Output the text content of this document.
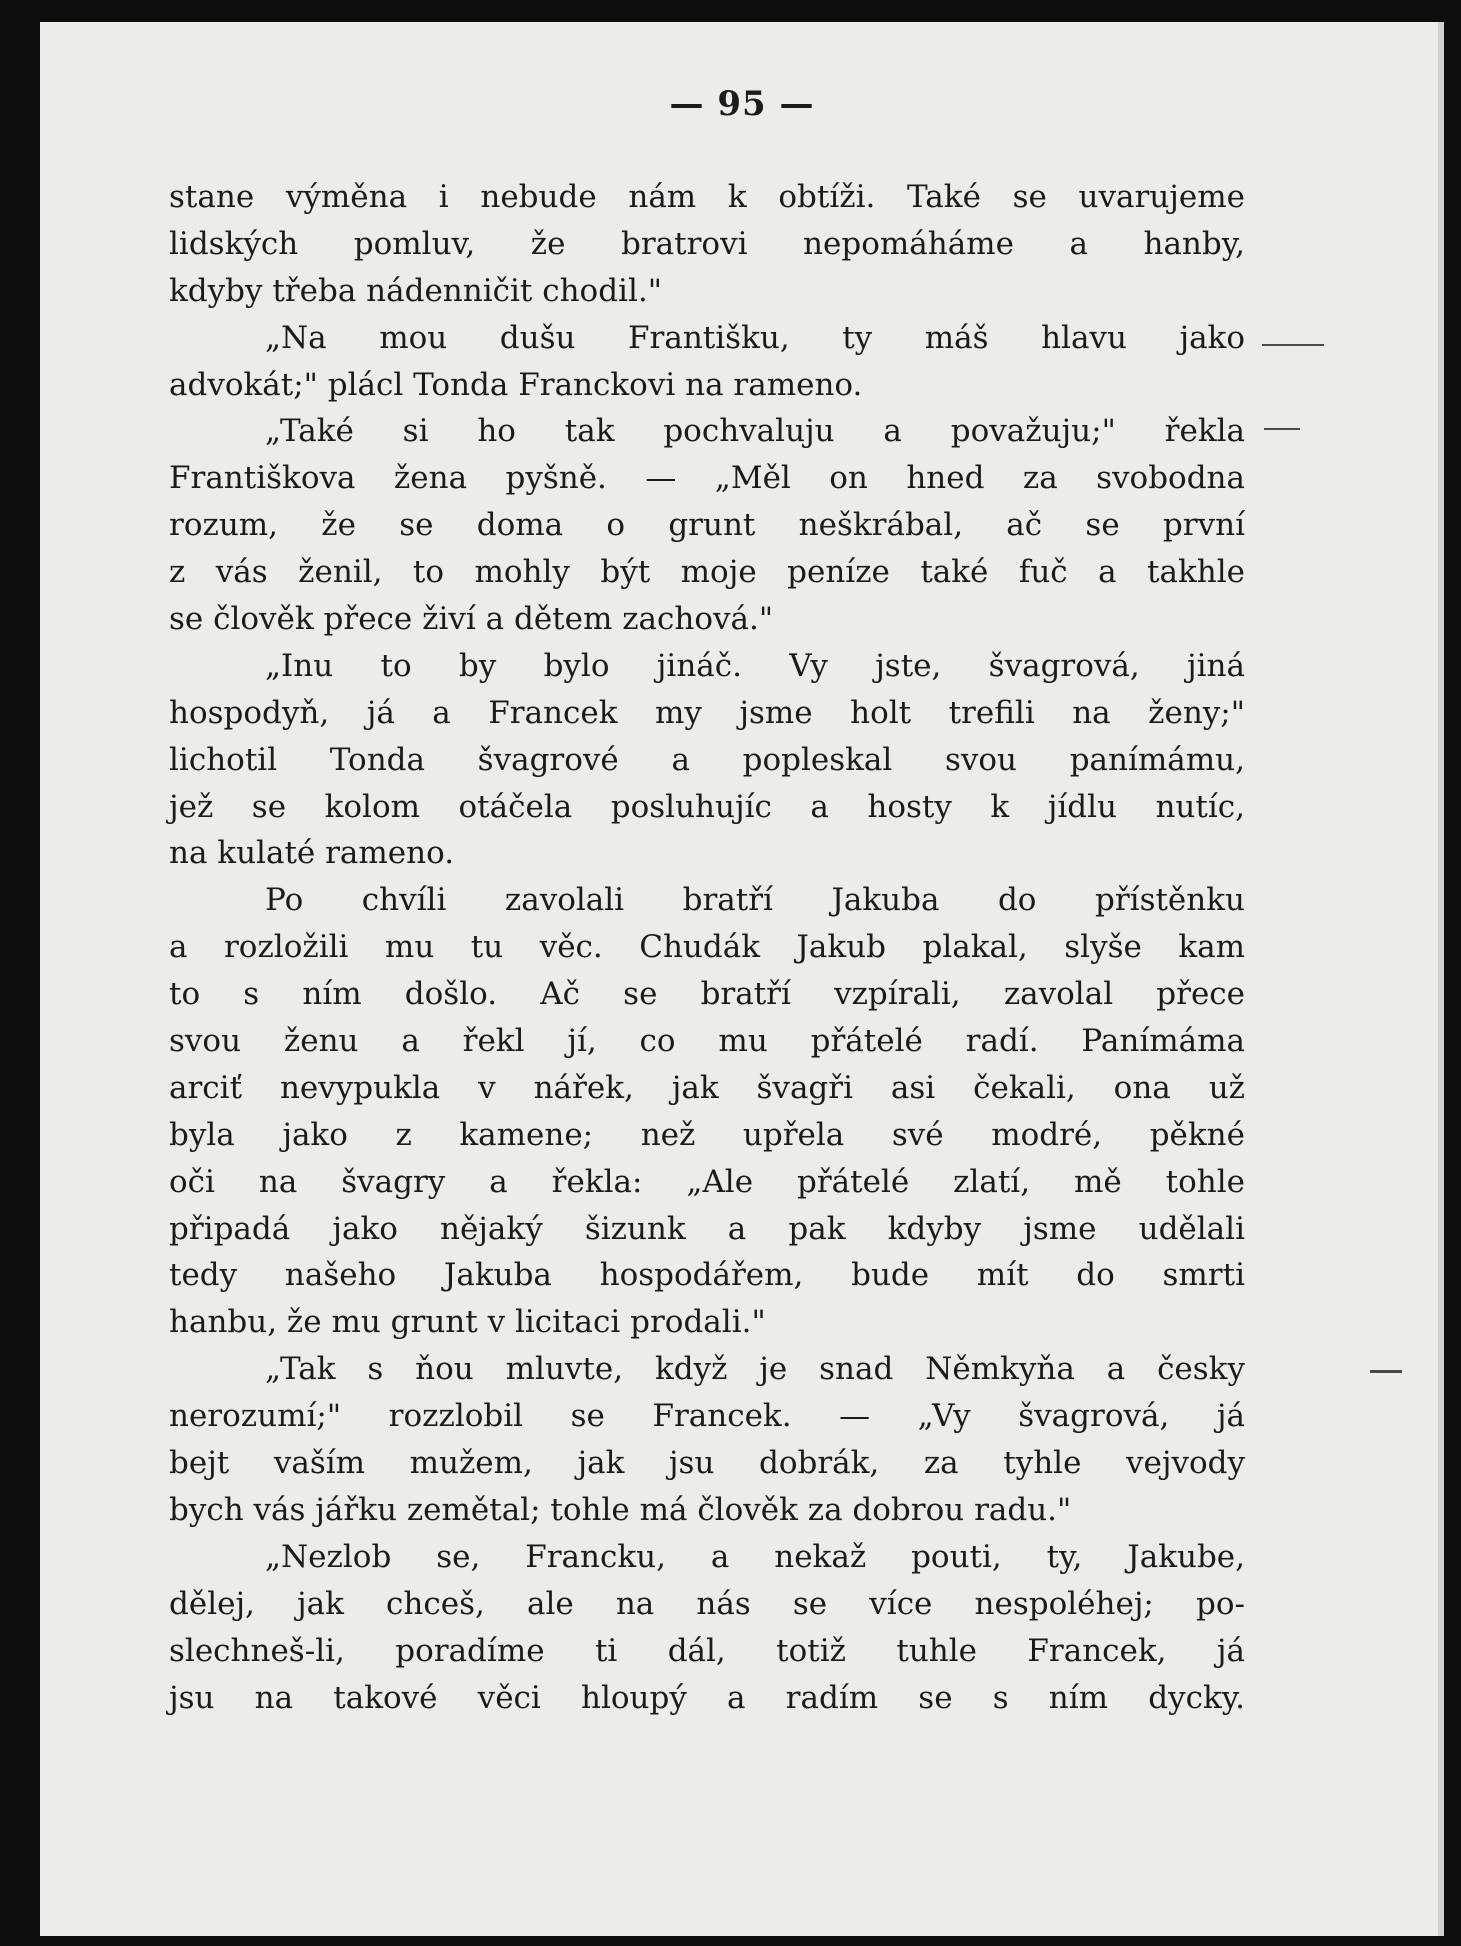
— 95 —
stane výměna i nebude nám k obtíži. Také se uvarujeme
lidských pomluv, že bratrovi nepomáháme a hanby,
kdyby třeba nádenničit chodil."
„Na mou dušu Františku, ty máš hlavu jako
advokát;" plácl Tonda Franckovi na rameno.
„Také si ho tak pochvaluju a považuju;" řekla
Františkova žena pyšně. — „Měl on hned za svobodna
rozum, že se doma o grunt neškrábal, ač se první
z vás ženil, to mohly být moje peníze také fuč a takhle
se člověk přece živí a dětem zachová."
„Inu to by bylo jináč. Vy jste, švagrová, jiná
hospodyň, já a Francek my jsme holt trefili na ženy;"
lichotil Tonda švagrové a popleskal svou panímámu,
jež se kolom otáčela posluhujíc a hosty k jídlu nutíc,
na kulaté rameno.
Po chvíli zavolali bratří Jakuba do přístěnku
a rozložili mu tu věc. Chudák Jakub plakal, slyše kam
to s ním došlo. Ač se bratří vzpírali, zavolal přece
svou ženu a řekl jí, co mu přátelé radí. Panímáma
arciť nevypukla v nářek, jak švagři asi čekali, ona už
byla jako z kamene; než upřela své modré, pěkné
oči na švagry a řekla: „Ale přátelé zlatí, mě tohle
připadá jako nějaký šizunk a pak kdyby jsme udělali
tedy našeho Jakuba hospodářem, bude mít do smrti
hanbu, že mu grunt v licitaci prodali."
„Tak s ňou mluvte, když je snad Němkyňa a česky
nerozumí;" rozzlobil se Francek. — „Vy švagrová, já
bejt vaším mužem, jak jsu dobrák, za tyhle vejvody
bych vás jářku zemětal; tohle má člověk za dobrou radu."
„Nezlob se, Francku, a nekaž pouti, ty, Jakube,
dělej, jak chceš, ale na nás se více nespoléhej; po-
slechneš-li, poradíme ti dál, totiž tuhle Francek, já
jsu na takové věci hloupý a radím se s ním dycky.
